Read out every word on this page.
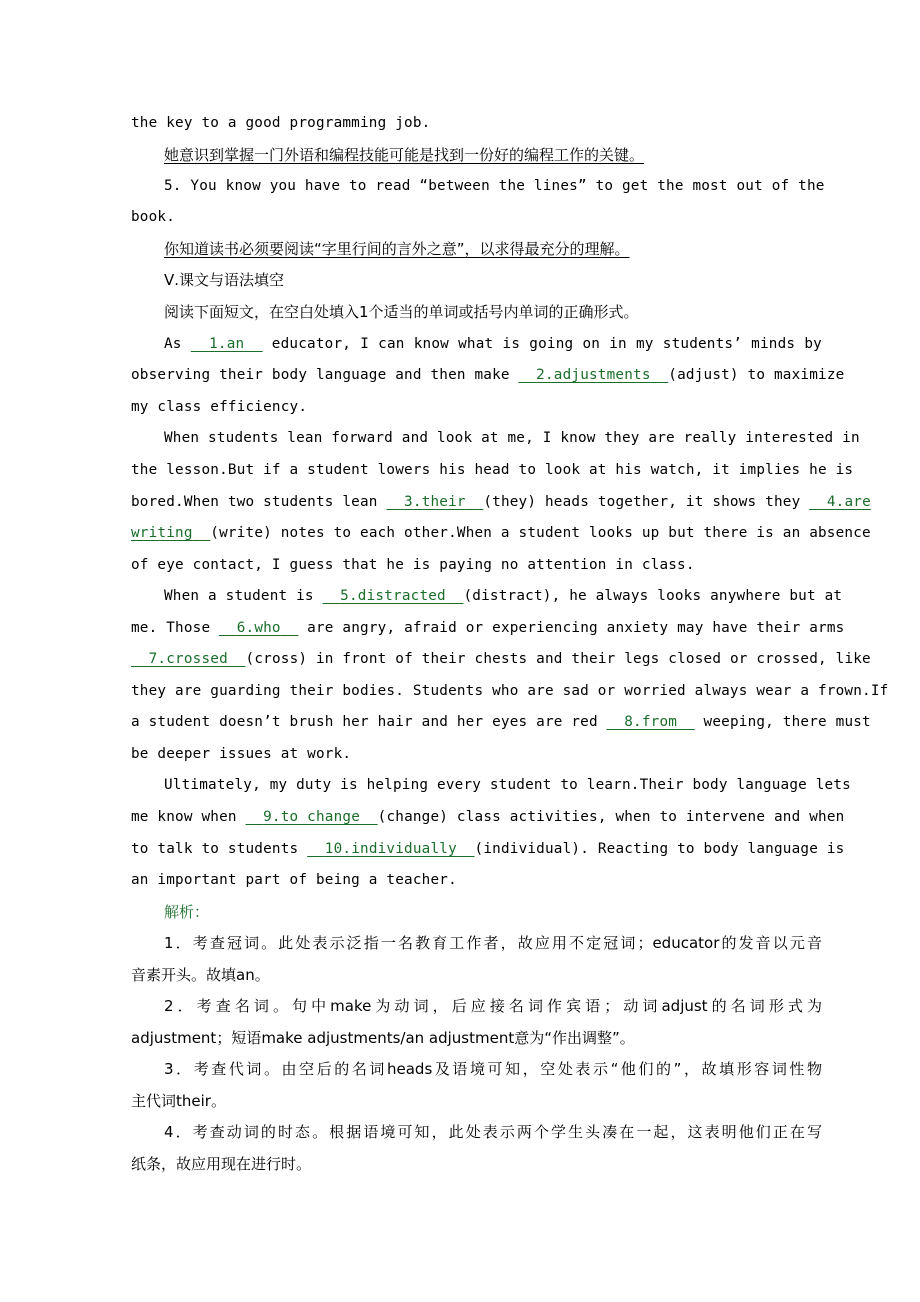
the key to a good programming job.
她意识到掌握一门外语和编程技能可能是找到一份好的编程工作的关键。
5. You know you have to read “between the lines” to get the most out of the
book.
你知道读书必须要阅读“字里行间的言外之意”，以求得最充分的理解。
Ⅴ.课文与语法填空
阅读下面短文，在空白处填入1个适当的单词或括号内单词的正确形式。
As   1.an   educator, I can know what is going on in my students’ minds by
observing their body language and then make   2.adjustments (adjust) to maximize
my class efficiency.
When students lean forward and look at me, I know they are really interested in
the lesson.But if a student lowers his head to look at his watch, it implies he is
bored.When two students lean   3.their (they) heads together, it shows they   4.are
writing (write) notes to each other.When a student looks up but there is an absence
of eye contact, I guess that he is paying no attention in class.
When a student is   5.distracted (distract), he always looks anywhere but at
me. Those   6.who   are angry, afraid or experiencing anxiety may have their arms
7.crossed (cross) in front of their chests and their legs closed or crossed, like
they are guarding their bodies. Students who are sad or worried always wear a frown.If
a student doesn’t brush her hair and her eyes are red   8.from   weeping, there must
be deeper issues at work.
Ultimately, my duty is helping every student to learn.Their body language lets
me know when   9.to change (change) class activities, when to intervene and when
to talk to students   10.individually (individual). Reacting to body language is
an important part of being a teacher.
解析：
1．考查冠词。此处表示泛指一名教育工作者，故应用不定冠词；educator的发音以元音
音素开头。故填an。
2．考查名词。句中make为动词，后应接名词作宾语；动词adjust的名词形式为
adjustment；短语make adjustments/an adjustment意为“作出调整”。
3．考查代词。由空后的名词heads及语境可知，空处表示“他们的”，故填形容词性物
主代词their。
4．考查动词的时态。根据语境可知，此处表示两个学生头凑在一起，这表明他们正在写
纸条，故应用现在进行时。
